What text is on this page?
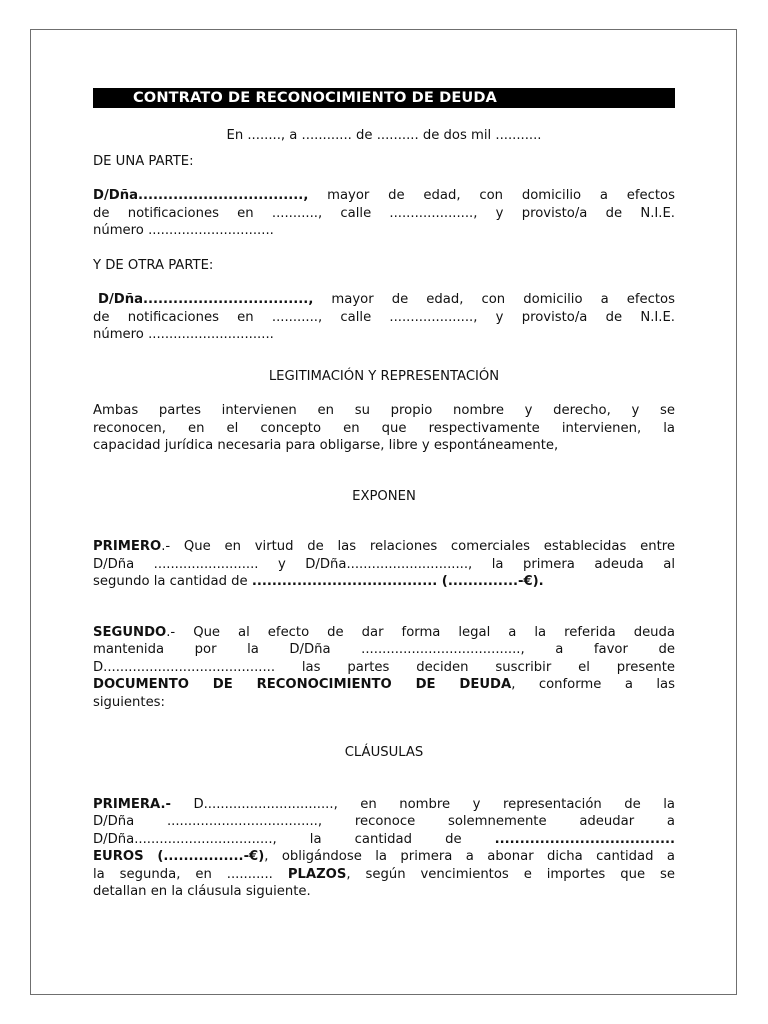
CONTRATO DE RECONOCIMIENTO DE DEUDA

En ........, a ............ de .......... de dos mil ...........

DE UNA PARTE:

D/Dña................................., mayor de edad, con domicilio a efectos

de notificaciones en ..........., calle ...................., y provisto/a de N.I.E.

número ..............................

Y DE OTRA PARTE:

D/Dña................................., mayor de edad, con domicilio a efectos

de notificaciones en ..........., calle ...................., y provisto/a de N.I.E.

número ..............................

LEGITIMACIÓN Y REPRESENTACIÓN

Ambas partes intervienen en su propio nombre y derecho, y se

reconocen, en el concepto en que respectivamente intervienen, la

capacidad jurídica necesaria para obligarse, libre y espontáneamente,

EXPONEN

PRIMERO.- Que en virtud de las relaciones comerciales establecidas entre

D/Dña ......................... y D/Dña............................., la primera adeuda al

segundo la cantidad de ..................................... (..............-€).

SEGUNDO.- Que al efecto de dar forma legal a la referida deuda

mantenida por la D/Dña ......................................, a favor de

D......................................... las partes deciden suscribir el presente

DOCUMENTO DE RECONOCIMIENTO DE DEUDA, conforme a las

siguientes:

CLÁUSULAS

PRIMERA.- D..............................., en nombre y representación de la

D/Dña ...................................., reconoce solemnemente adeudar a

D/Dña................................., la cantidad de ....................................

EUROS (................-€), obligándose la primera a abonar dicha cantidad a

la segunda, en ........... PLAZOS, según vencimientos e importes que se

detallan en la cláusula siguiente.
